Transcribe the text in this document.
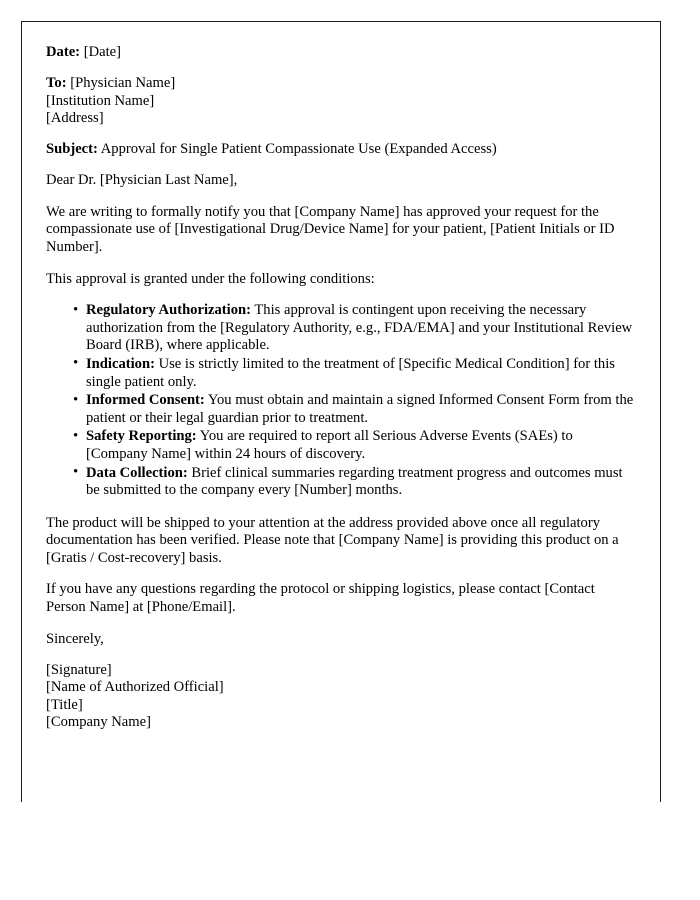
Date: [Date]
To: [Physician Name]
[Institution Name]
[Address]
Subject: Approval for Single Patient Compassionate Use (Expanded Access)
Dear Dr. [Physician Last Name],

We are writing to formally notify you that [Company Name] has approved your request for the compassionate use of [Investigational Drug/Device Name] for your patient, [Patient Initials or ID Number].

This approval is granted under the following conditions:

• Regulatory Authorization: This approval is contingent upon receiving the necessary authorization from the [Regulatory Authority, e.g., FDA/EMA] and your Institutional Review Board (IRB), where applicable.
• Indication: Use is strictly limited to the treatment of [Specific Medical Condition] for this single patient only.
• Informed Consent: You must obtain and maintain a signed Informed Consent Form from the patient or their legal guardian prior to treatment.
• Safety Reporting: You are required to report all Serious Adverse Events (SAEs) to [Company Name] within 24 hours of discovery.
• Data Collection: Brief clinical summaries regarding treatment progress and outcomes must be submitted to the company every [Number] months.

The product will be shipped to your attention at the address provided above once all regulatory documentation has been verified. Please note that [Company Name] is providing this product on a [Gratis / Cost-recovery] basis.

If you have any questions regarding the protocol or shipping logistics, please contact [Contact Person Name] at [Phone/Email].

Sincerely,
[Signature]
[Name of Authorized Official]
[Title]
[Company Name]
